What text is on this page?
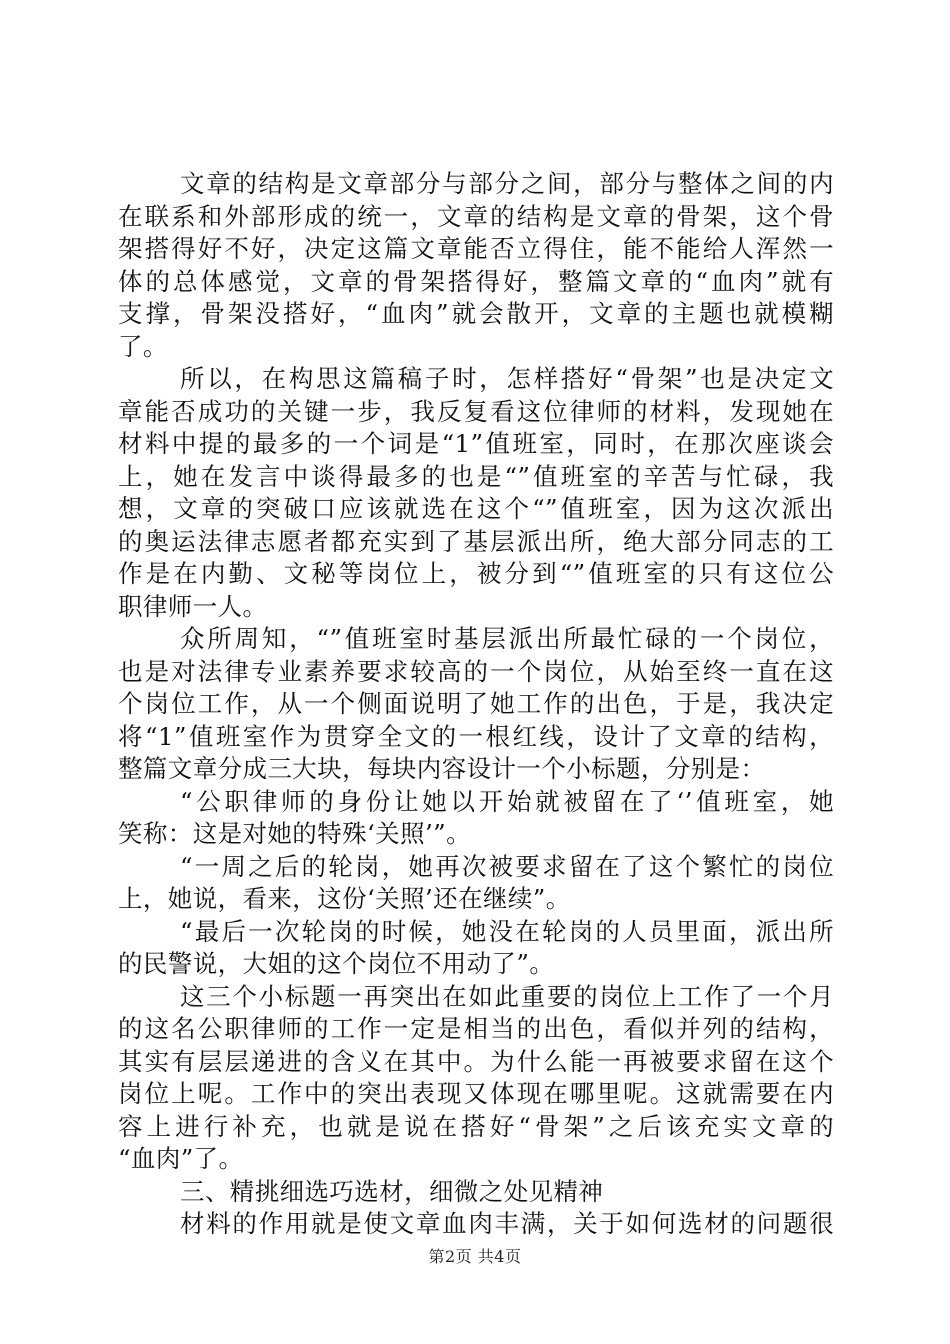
文章的结构是文章部分与部分之间，部分与整体之间的内
在联系和外部形成的统一，文章的结构是文章的骨架，这个骨
架搭得好不好，决定这篇文章能否立得住，能不能给人浑然一
体的总体感觉，文章的骨架搭得好，整篇文章的“血肉”就有
支撑，骨架没搭好，“血肉”就会散开，文章的主题也就模糊
了。
所以，在构思这篇稿子时，怎样搭好“骨架”也是决定文
章能否成功的关键一步，我反复看这位律师的材料，发现她在
材料中提的最多的一个词是“1”值班室，同时，在那次座谈会
上，她在发言中谈得最多的也是“”值班室的辛苦与忙碌，我
想，文章的突破口应该就选在这个“”值班室，因为这次派出
的奥运法律志愿者都充实到了基层派出所，绝大部分同志的工
作是在内勤、文秘等岗位上，被分到“”值班室的只有这位公
职律师一人。
众所周知，“”值班室时基层派出所最忙碌的一个岗位，
也是对法律专业素养要求较高的一个岗位，从始至终一直在这
个岗位工作，从一个侧面说明了她工作的出色，于是，我决定
将“1”值班室作为贯穿全文的一根红线，设计了文章的结构，
整篇文章分成三大块，每块内容设计一个小标题，分别是：
“公职律师的身份让她以开始就被留在了‘’值班室，她
笑称：这是对她的特殊‘关照’”。
“一周之后的轮岗，她再次被要求留在了这个繁忙的岗位
上，她说，看来，这份‘关照’还在继续”。
“最后一次轮岗的时候，她没在轮岗的人员里面，派出所
的民警说，大姐的这个岗位不用动了”。
这三个小标题一再突出在如此重要的岗位上工作了一个月
的这名公职律师的工作一定是相当的出色，看似并列的结构，
其实有层层递进的含义在其中。为什么能一再被要求留在这个
岗位上呢。工作中的突出表现又体现在哪里呢。这就需要在内
容上进行补充，也就是说在搭好“骨架”之后该充实文章的
“血肉”了。
三、精挑细选巧选材，细微之处见精神
材料的作用就是使文章血肉丰满，关于如何选材的问题很
第2页 共4页
